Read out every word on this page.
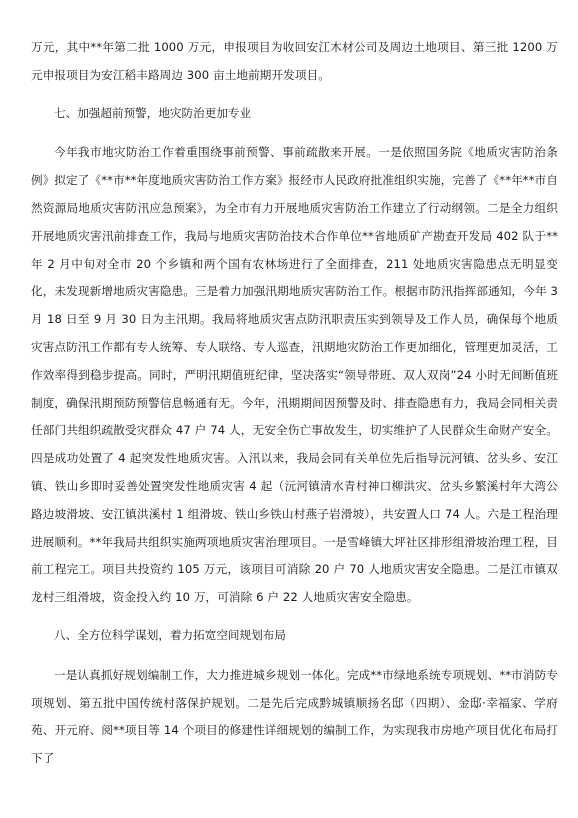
万元，其中**年第二批 1000 万元，申报项目为收回安江木材公司及周边土地项目、第三批 1200 万元申报项目为安江稻丰路周边 300 亩土地前期开发项目。

七、加强超前预警，地灾防治更加专业

今年我市地灾防治工作着重围绕事前预警、事前疏散来开展。一是依照国务院《地质灾害防治条例》拟定了《**市**年度地质灾害防治工作方案》报经市人民政府批准组织实施，完善了《**年**市自然资源局地质灾害防汛应急预案》，为全市有力开展地质灾害防治工作建立了行动纲领。二是全力组织开展地质灾害汛前排查工作，我局与地质灾害防治技术合作单位**省地质矿产勘查开发局 402 队于**年 2 月中旬对全市 20 个乡镇和两个国有农林场进行了全面排查，211 处地质灾害隐患点无明显变化，未发现新增地质灾害隐患。三是着力加强汛期地质灾害防治工作。根据市防汛指挥部通知，今年 3 月 18 日至 9 月 30 日为主汛期。我局将地质灾害点防汛职责压实到领导及工作人员，确保每个地质灾害点防汛工作都有专人统筹、专人联络、专人巡查，汛期地灾防治工作更加细化，管理更加灵活，工作效率得到稳步提高。同时，严明汛期值班纪律，坚决落实“领导带班、双人双岗”24 小时无间断值班制度，确保汛期预防预警信息畅通有无。今年，汛期期间因预警及时、排查隐患有力，我局会同相关责任部门共组织疏散受灾群众 47 户 74 人，无安全伤亡事故发生，切实维护了人民群众生命财产安全。四是成功处置了 4 起突发性地质灾害。入汛以来，我局会同有关单位先后指导沅河镇、岔头乡、安江镇、铁山乡即时妥善处置突发性地质灾害 4 起（沅河镇清水青村神口柳洪灾、岔头乡繁溪村年大湾公路边坡滑坡、安江镇洪溪村 1 组滑坡、铁山乡铁山村燕子岩滑坡），共安置人口 74 人。六是工程治理进展顺利。**年我局共组织实施两项地质灾害治理项目。一是雪峰镇大坪社区排形组滑坡治理工程，目前工程完工。项目共投资约 105 万元，该项目可消除 20 户 70 人地质灾害安全隐患。二是江市镇双龙村三组滑坡，资金投入约 10 万，可消除 6 户 22 人地质灾害安全隐患。

八、全方位科学谋划，着力拓宽空间规划布局

一是认真抓好规划编制工作，大力推进城乡规划一体化。完成**市绿地系统专项规划、**市消防专项规划、第五批中国传统村落保护规划。二是先后完成黔城镇顺扬名邸（四期）、金邸·幸福家、学府苑、开元府、阅**项目等 14 个项目的修建性详细规划的编制工作，为实现我市房地产项目优化布局打下了
